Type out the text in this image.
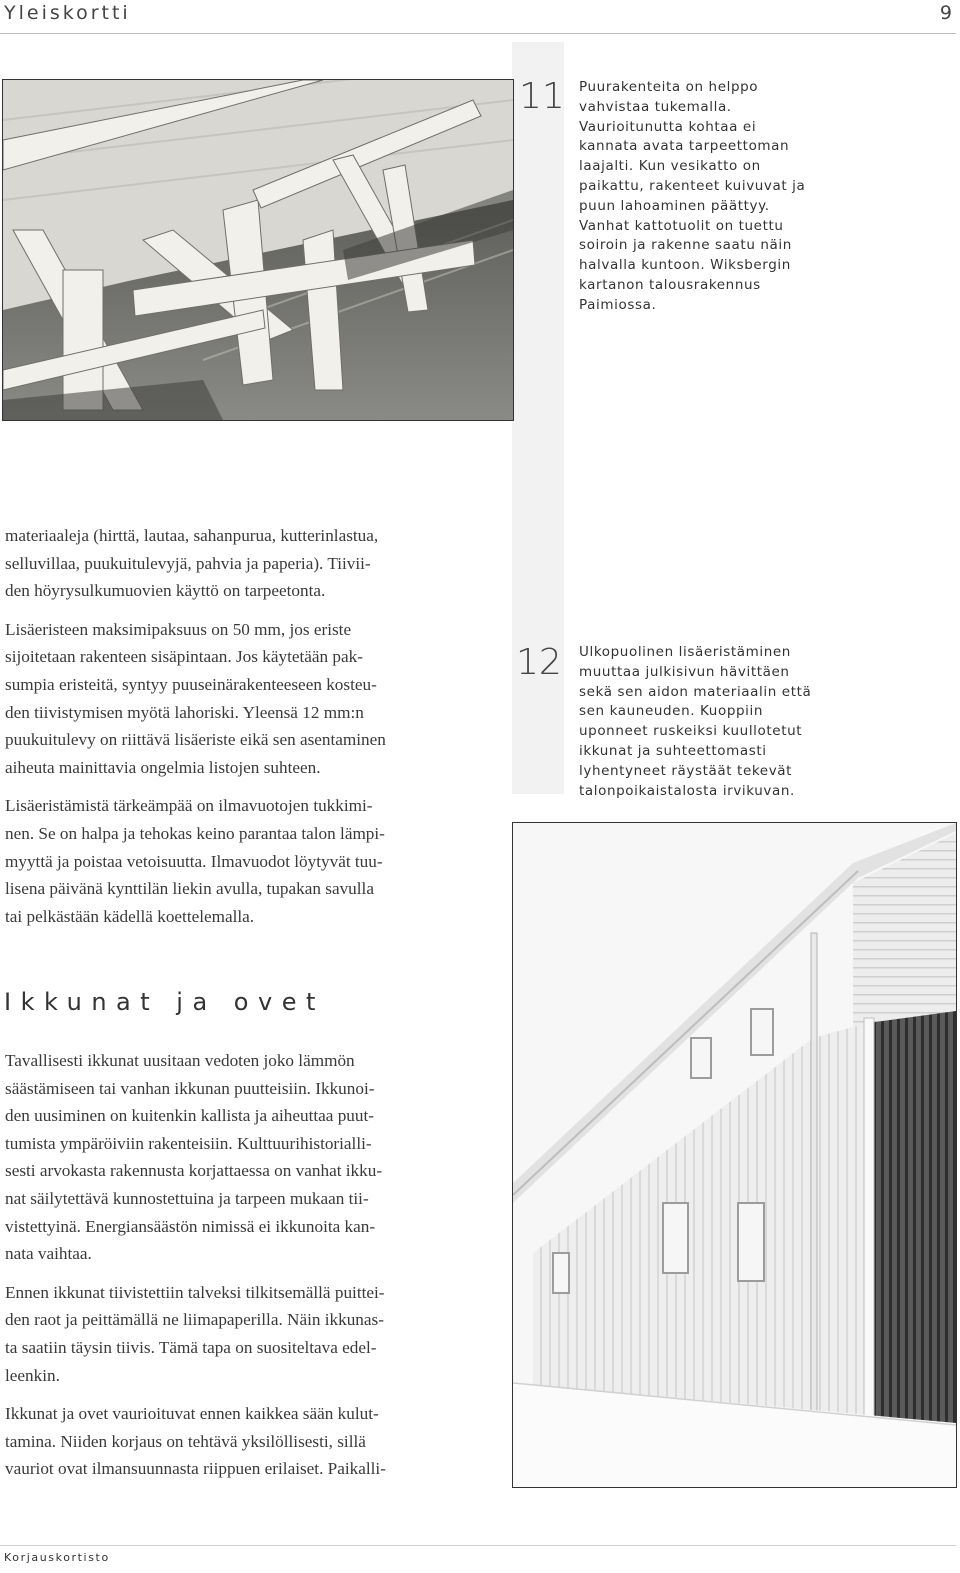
Yleiskortti	9
11 Puurakenteita on helppo
vahvistaa tukemalla.
Vaurioitunutta kohtaa ei
kannata avata tarpeettoman
laajalti. Kun vesikatto on
paikattu, rakenteet kuivuvat ja
puun lahoaminen päättyy.
Vanhat kattotuolit on tuettu
soiroin ja rakenne saatu näin
halvalla kuntoon. Wiksbergin
kartanon talousrakennus
Paimiossa.
12 Ulkopuolinen lisäeristäminen
muuttaa julkisivun hävittäen
sekä sen aidon materiaalin että
sen kauneuden. Kuoppiin
uponneet ruskeiksi kuullotetut
ikkunat ja suhteettomasti
lyhentyneet räystäät tekevät
talonpoikaistalosta irvikuvan.

materiaaleja (hirttä, lautaa, sahanpurua, kutterinlastua,
selluvillaa, puukuitulevyjä, pahvia ja paperia). Tiivii-
den höyrysulkumuovien käyttö on tarpeetonta.

Lisäeristeen maksimipaksuus on 50 mm, jos eriste
sijoitetaan rakenteen sisäpintaan. Jos käytetään pak-
sumpia eristeitä, syntyy puuseinärakenteeseen kosteu-
den tiivistymisen myötä lahoriski. Yleensä 12 mm:n
puukuitulevy on riittävä lisäeriste eikä sen asentaminen
aiheuta mainittavia ongelmia listojen suhteen.

Lisäeristämistä tärkeämpää on ilmavuotojen tukkimi-
nen. Se on halpa ja tehokas keino parantaa talon lämpi-
myyttä ja poistaa vetoisuutta. Ilmavuodot löytyvät tuu-
lisena päivänä kynttilän liekin avulla, tupakan savulla
tai pelkästään kädellä koettelemalla.

Ikkunat ja ovet

Tavallisesti ikkunat uusitaan vedoten joko lämmön
säästämiseen tai vanhan ikkunan puutteisiin. Ikkunoi-
den uusiminen on kuitenkin kallista ja aiheuttaa puut-
tumista ympäröiviin rakenteisiin. Kulttuurihistorialli-
sesti arvokasta rakennusta korjattaessa on vanhat ikku-
nat säilytettävä kunnostettuina ja tarpeen mukaan tii-
vistettyinä. Energiansäästön nimissä ei ikkunoita kan-
nata vaihtaa.

Ennen ikkunat tiivistettiin talveksi tilkitsemällä puittei-
den raot ja peittämällä ne liimapaperilla. Näin ikkunas-
ta saatiin täysin tiivis. Tämä tapa on suositeltava edel-
leenkin.

Ikkunat ja ovet vaurioituvat ennen kaikkea sään kulut-
tamina. Niiden korjaus on tehtävä yksilöllisesti, sillä
vauriot ovat ilmansuunnasta riippuen erilaiset. Paikalli-

Korjauskortisto
